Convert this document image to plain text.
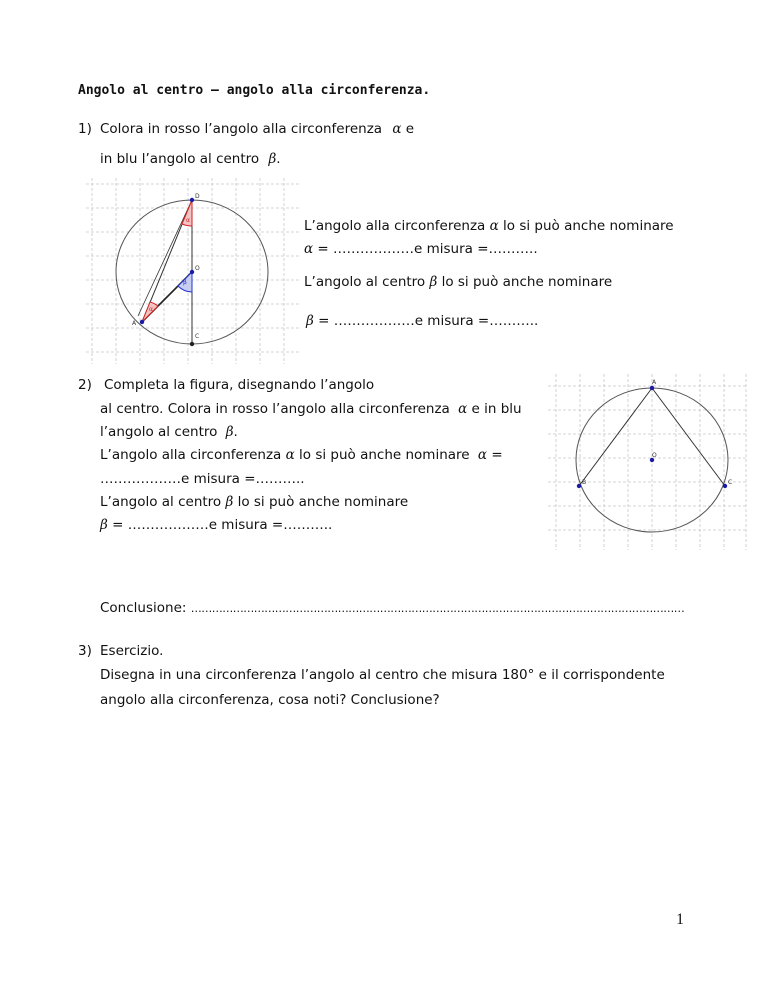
Angolo al centro – angolo alla circonferenza.
1) Colora in rosso l’angolo alla circonferenza α e
in blu l’angolo al centro β.
D
O
A
C
β
α
α
L’angolo alla circonferenza α lo si può anche nominare
α = ………………e misura =………..
L’angolo al centro β lo si può anche nominare
β = ………………e misura =………..
2) Completa la figura, disegnando l’angolo
al centro. Colora in rosso l’angolo alla circonferenza α e in blu
l’angolo al centro β.
L’angolo alla circonferenza α lo si può anche nominare α =
………………e misura =………..
L’angolo al centro β lo si può anche nominare
β = ………………e misura =………..
A
O
B	C
Conclusione: ……………………………………………………………………………………………………………………………
3) Esercizio.
Disegna in una circonferenza l’angolo al centro che misura 180° e il corrispondente
angolo alla circonferenza, cosa noti? Conclusione?
1
